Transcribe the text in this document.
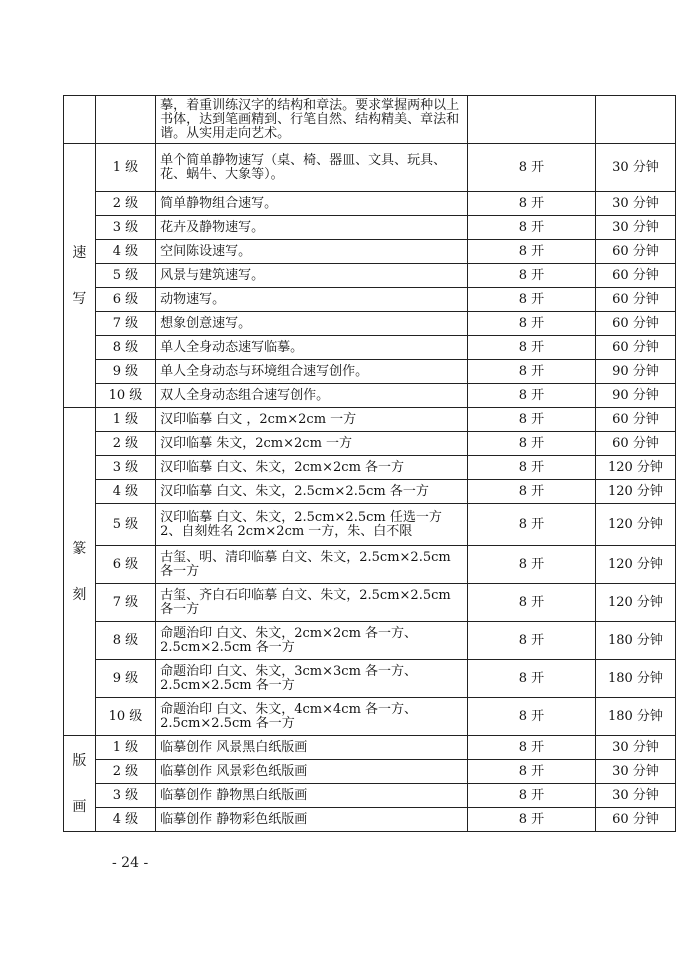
		摹，着重训练汉字的结构和章法。要求掌握两种以上书体，达到笔画精到、行笔自然、结构精美、章法和谐。从实用走向艺术。		

速
写	1 级	单个简单静物速写（桌、椅、器皿、文具、玩具、花、蜗牛、大象等）。	8 开	30 分钟
	2 级	简单静物组合速写。	8 开	30 分钟
	3 级	花卉及静物速写。	8 开	30 分钟
	4 级	空间陈设速写。	8 开	60 分钟
	5 级	风景与建筑速写。	8 开	60 分钟
	6 级	动物速写。	8 开	60 分钟
	7 级	想象创意速写。	8 开	60 分钟
	8 级	单人全身动态速写临摹。	8 开	60 分钟
	9 级	单人全身动态与环境组合速写创作。	8 开	90 分钟
	10 级	双人全身动态组合速写创作。	8 开	90 分钟

篆
刻	1 级	汉印临摹 白文 ，2cm×2cm 一方	8 开	60 分钟
	2 级	汉印临摹 朱文，2cm×2cm 一方	8 开	60 分钟
	3 级	汉印临摹 白文、朱文，2cm×2cm 各一方	8 开	120 分钟
	4 级	汉印临摹 白文、朱文，2.5cm×2.5cm 各一方	8 开	120 分钟
	5 级	汉印临摹 白文、朱文，2.5cm×2.5cm 任选一方 2、自刻姓名 2cm×2cm 一方，朱、白不限	8 开	120 分钟
	6 级	古玺、明、清印临摹 白文、朱文，2.5cm×2.5cm 各一方	8 开	120 分钟
	7 级	古玺、齐白石印临摹 白文、朱文，2.5cm×2.5cm 各一方	8 开	120 分钟
	8 级	命题治印 白文、朱文，2cm×2cm 各一方、2.5cm×2.5cm 各一方	8 开	180 分钟
	9 级	命题治印 白文、朱文，3cm×3cm 各一方、2.5cm×2.5cm 各一方	8 开	180 分钟
	10 级	命题治印 白文、朱文，4cm×4cm 各一方、2.5cm×2.5cm 各一方	8 开	180 分钟

版
画	1 级	临摹创作 风景黑白纸版画	8 开	30 分钟
	2 级	临摹创作 风景彩色纸版画	8 开	30 分钟
	3 级	临摹创作 静物黑白纸版画	8 开	30 分钟
	4 级	临摹创作 静物彩色纸版画	8 开	60 分钟
- 24 -
